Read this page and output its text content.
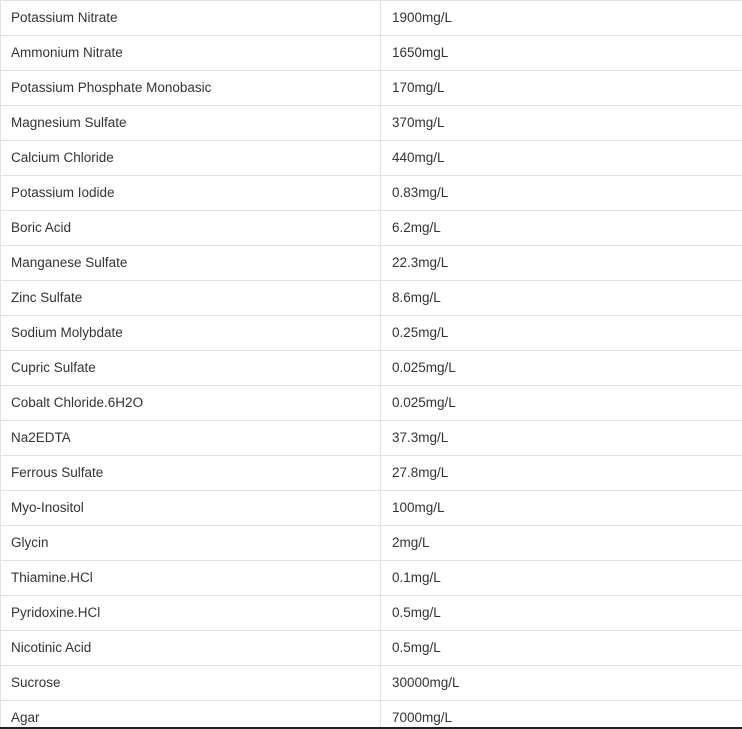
Potassium Nitrate	1900mg/L
Ammonium Nitrate	1650mgL
Potassium Phosphate Monobasic	170mg/L
Magnesium Sulfate	370mg/L
Calcium Chloride	440mg/L
Potassium Iodide	0.83mg/L
Boric Acid	6.2mg/L
Manganese Sulfate	22.3mg/L
Zinc Sulfate	8.6mg/L
Sodium Molybdate	0.25mg/L
Cupric Sulfate	0.025mg/L
Cobalt Chloride.6H2O	0.025mg/L
Na2EDTA	37.3mg/L
Ferrous Sulfate	27.8mg/L
Myo-Inositol	100mg/L
Glycin	2mg/L
Thiamine.HCl	0.1mg/L
Pyridoxine.HCl	0.5mg/L
Nicotinic Acid	0.5mg/L
Sucrose	30000mg/L
Agar	7000mg/L
